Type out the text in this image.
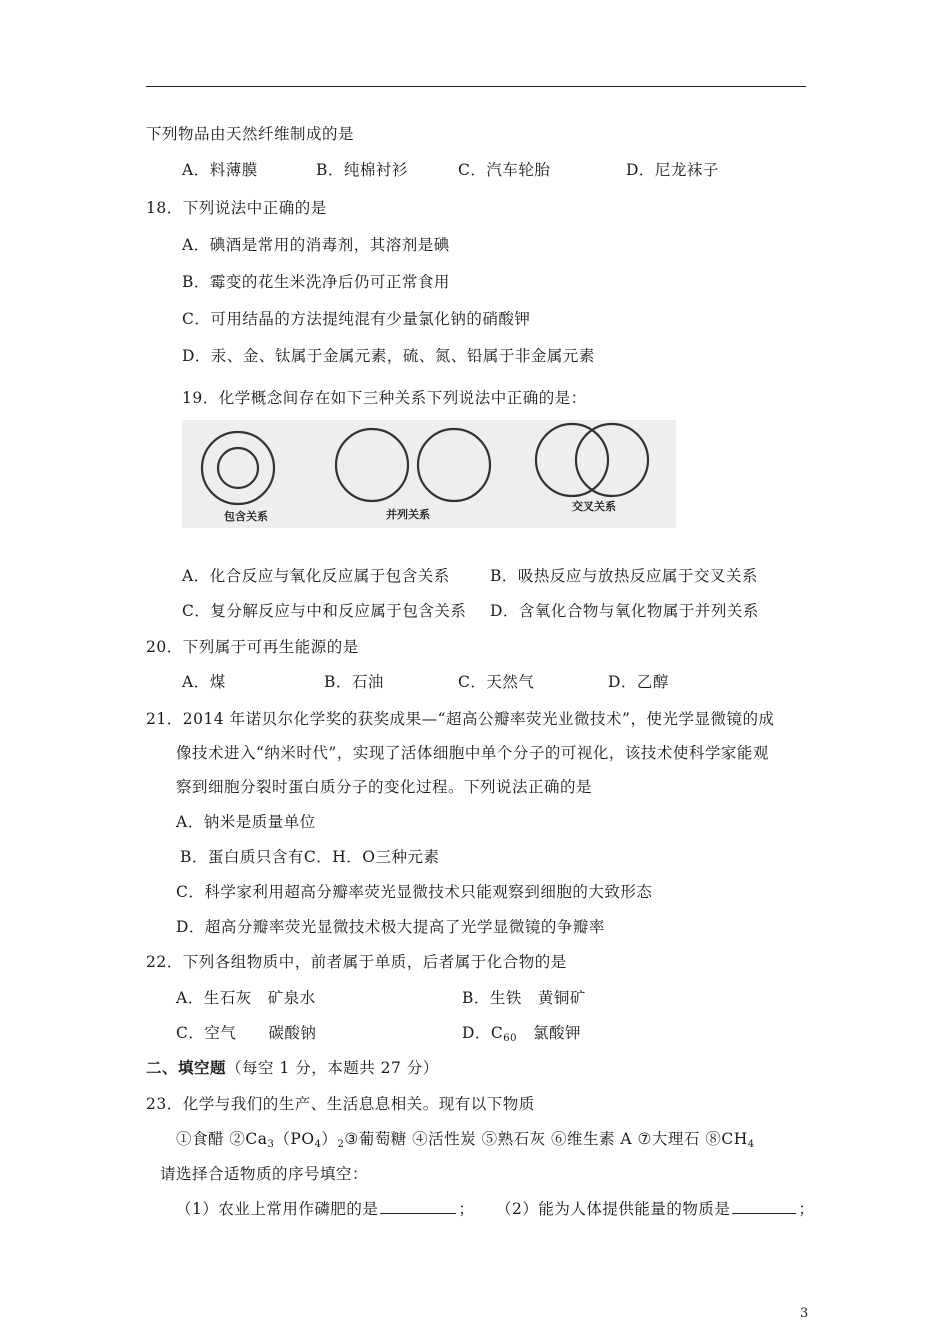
下列物品由天然纤维制成的是
A．料薄膜	B．纯棉衬衫	C．汽车轮胎	D．尼龙袜子
18．下列说法中正确的是
A．碘酒是常用的消毒剂，其溶剂是碘
B．霉变的花生米洗净后仍可正常食用
C．可用结晶的方法提纯混有少量氯化钠的硝酸钾
D．汞、金、钛属于金属元素，硫、氮、铅属于非金属元素
19．化学概念间存在如下三种关系下列说法中正确的是：
包含关系	并列关系
交叉关系
A．化合反应与氧化反应属于包含关系	B．吸热反应与放热反应属于交叉关系
C．复分解反应与中和反应属于包含关系 D．含氧化合物与氧化物属于并列关系
20．下列属于可再生能源的是
A．煤	B．石油	C．天然气	D．乙醇
21．2014 年诺贝尔化学奖的获奖成果—“超高公瓣率荧光业微技术”，使光学显微镜的成
像技术进入“纳米时代”，实现了活体细胞中单个分子的可视化，该技术使科学家能观
察到细胞分裂时蛋白质分子的变化过程。下列说法正确的是
A．钠米是质量单位
B．蛋白质只含有C．H．O三种元素
C．科学家利用超高分瓣率荧光显微技术只能观察到细胞的大致形态
D．超高分瓣率荧光显微技术极大提高了光学显微镜的争瓣率
22．下列各组物质中，前者属于单质，后者属于化合物的是
A．生石灰　矿泉水	B．生铁　黄铜矿
C．空气　　碳酸钠	D．$C_{60}$　氯酸钾
二、填空题（每空 1 分，本题共 27 分）
23．化学与我们的生产、生活息息相关。现有以下物质
①食醋 $②Ca_3(PO_4)_2③$葡萄糖 ④活性炭 ⑤熟石灰 ⑥维生素 A ⑦大理石 $⑧CH_4$
请选择合适物质的序号填空：
（1）农业上常用作磷肥的是	； （2）能为人体提供能量的物质是	；
3
